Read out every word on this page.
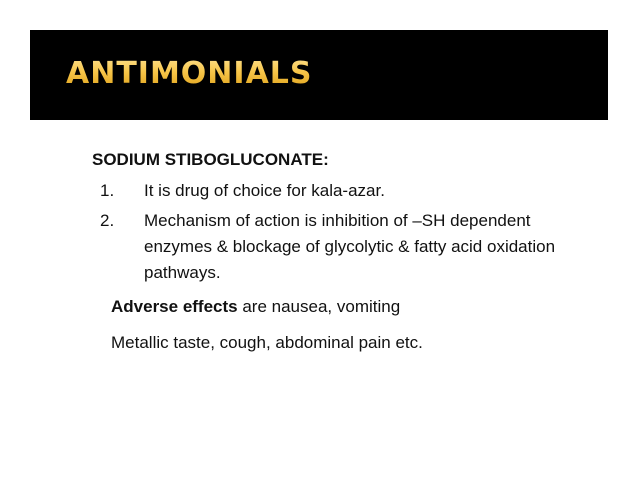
ANTIMONIALS
SODIUM STIBOGLUCONATE:
1. It is drug of choice for kala-azar.
2. Mechanism of action is inhibition of –SH dependent enzymes & blockage of glycolytic & fatty acid oxidation pathways.
Adverse effects are nausea, vomiting
Metallic taste, cough, abdominal pain etc.
